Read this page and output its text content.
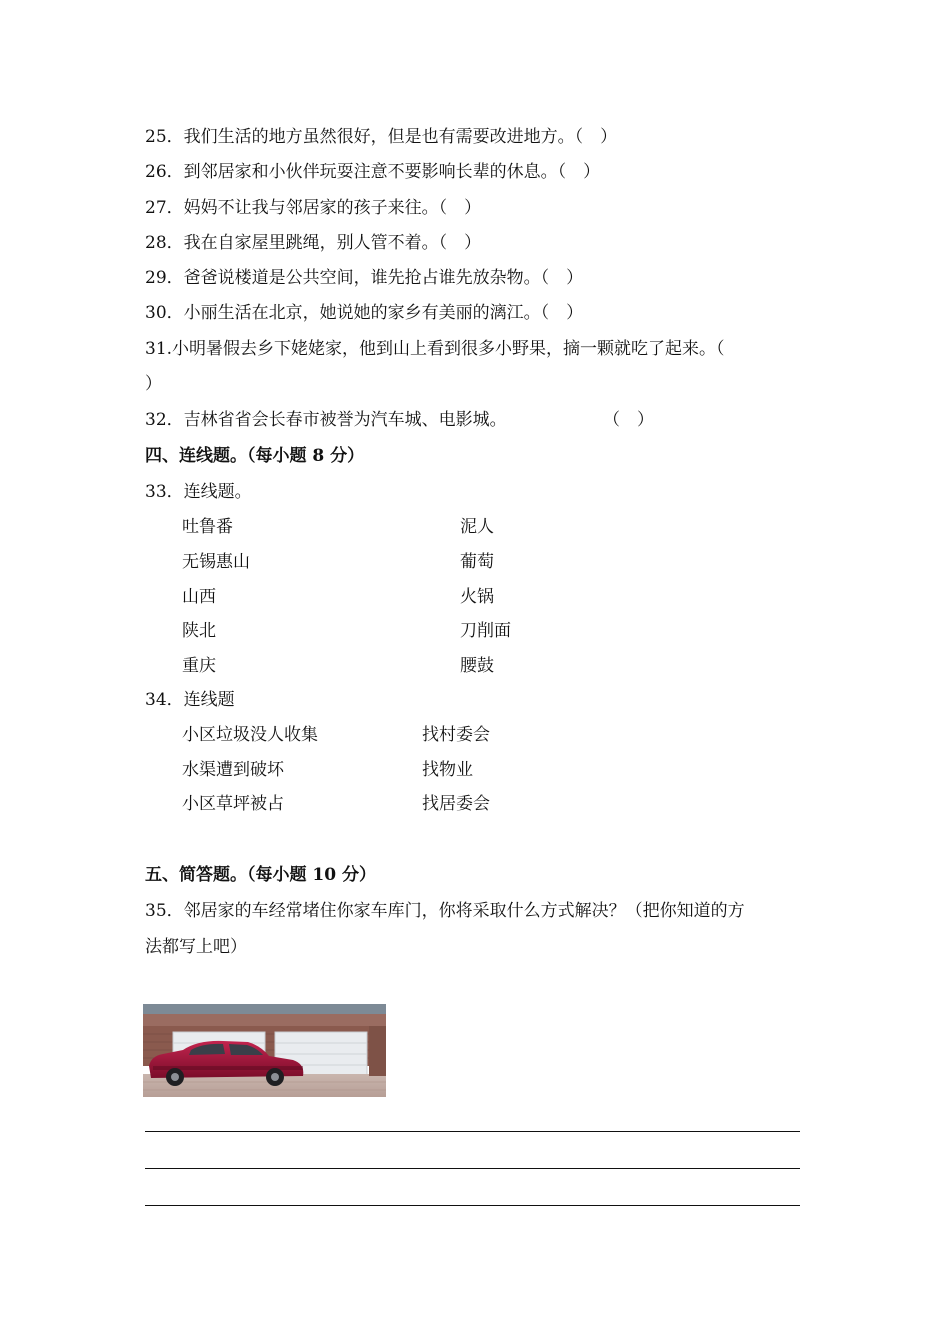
25．我们生活的地方虽然很好，但是也有需要改进地方。（　）
26．到邻居家和小伙伴玩耍注意不要影响长辈的休息。（　）
27．妈妈不让我与邻居家的孩子来往。（　）
28．我在自家屋里跳绳，别人管不着。（　）
29．爸爸说楼道是公共空间，谁先抢占谁先放杂物。（　）
30．小丽生活在北京，她说她的家乡有美丽的漓江。（　）
31.小明暑假去乡下姥姥家，他到山上看到很多小野果，摘一颗就吃了起来。（
）
32．吉林省省会长春市被誉为汽车城、电影城。	（　）
四、连线题。（每小题 8 分）
33．连线题。
吐鲁番
无锡惠山
山西
陕北
重庆
泥人
葡萄
火锅
刀削面
腰鼓
34．连线题
小区垃圾没人收集
水渠遭到破坏
小区草坪被占
找村委会
找物业
找居委会
五、简答题。（每小题 10 分）
35．邻居家的车经常堵住你家车库门，你将采取什么方式解决？（把你知道的方
法都写上吧）
